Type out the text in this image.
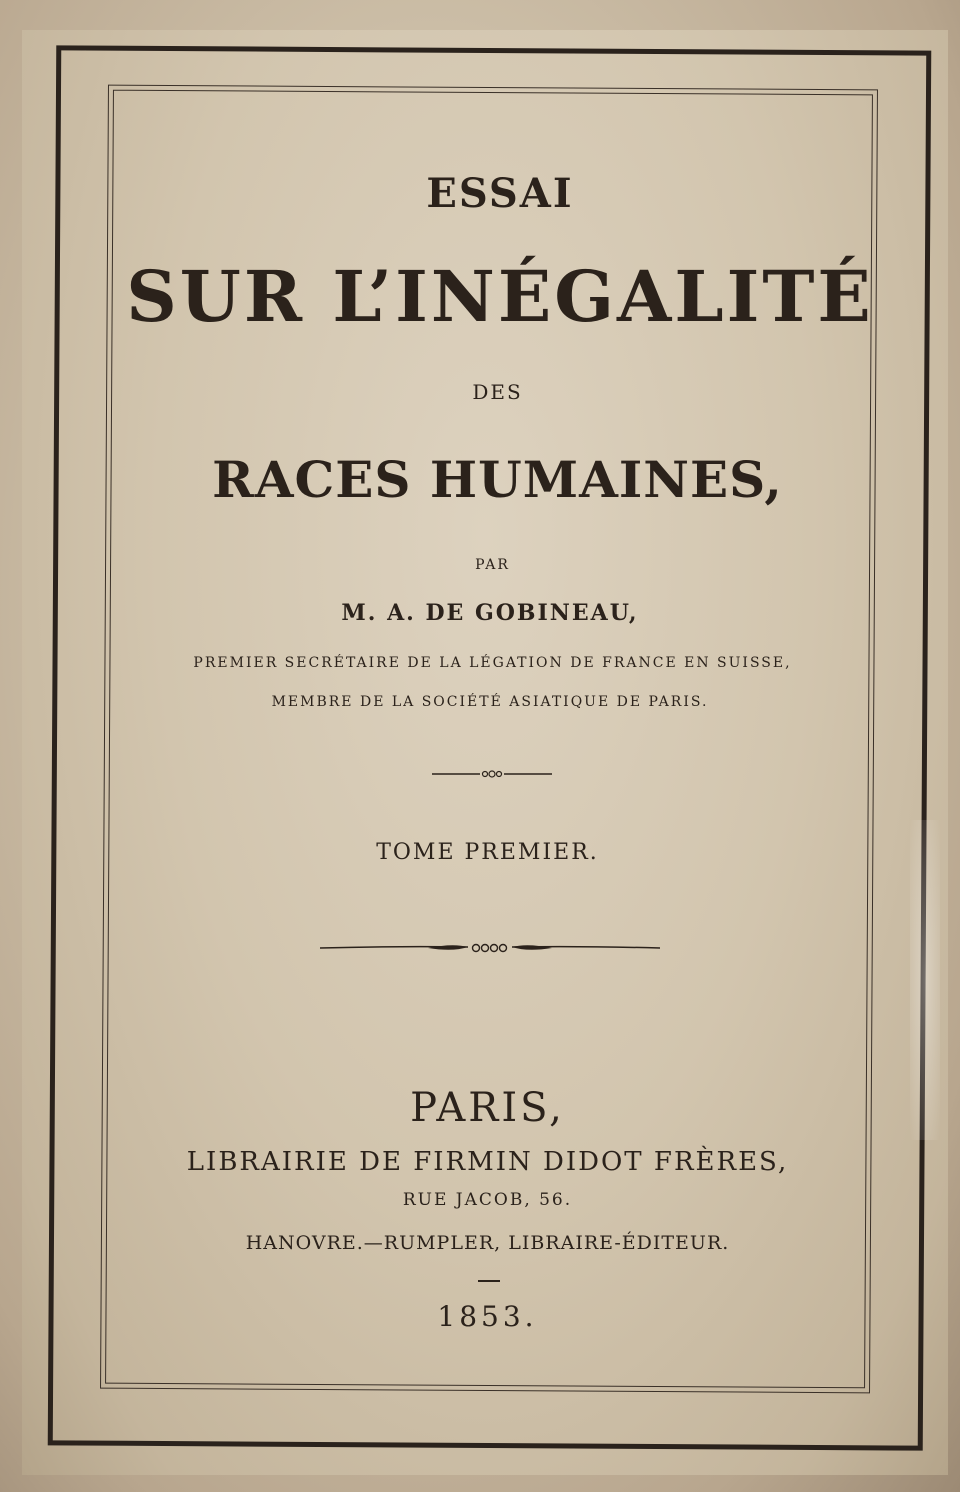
ESSAI
SUR L’INÉGALITÉ
DES
RACES HUMAINES,
PAR
M. A. DE GOBINEAU,
PREMIER SECRÉTAIRE DE LA LÉGATION DE FRANCE EN SUISSE,
MEMBRE DE LA SOCIÉTÉ ASIATIQUE DE PARIS.
TOME PREMIER.
PARIS,
LIBRAIRIE DE FIRMIN DIDOT FRÈRES,
RUE JACOB, 56.
HANOVRE.—RUMPLER, LIBRAIRE-ÉDITEUR.
1853.
